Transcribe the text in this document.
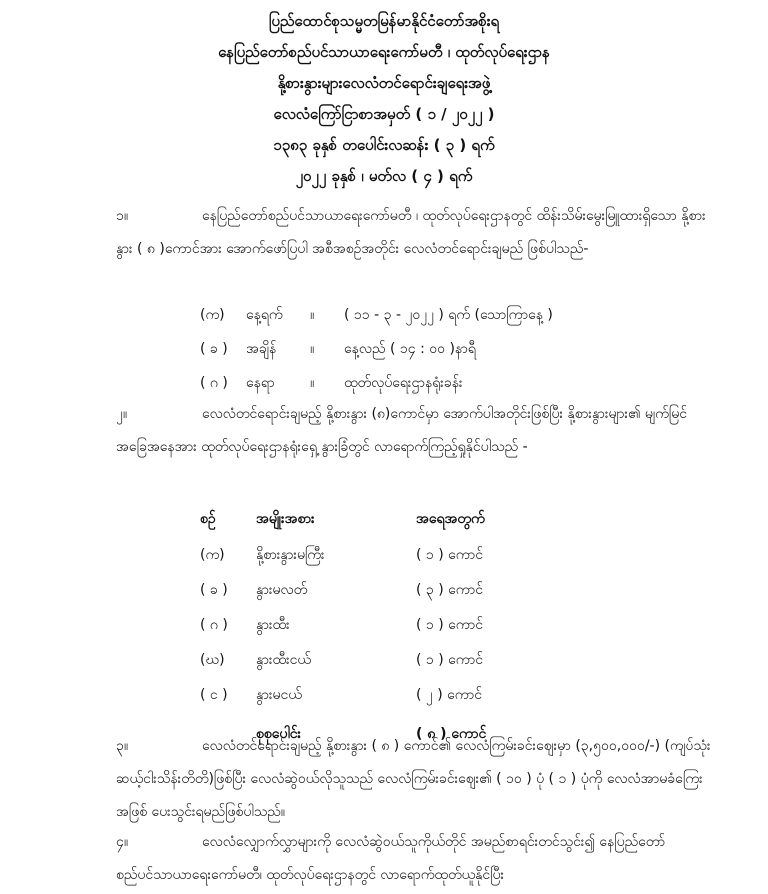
ပြည်ထောင်စုသမ္မတမြန်မာနိုင်ငံတော်အစိုးရ
နေပြည်တော်စည်ပင်သာယာရေးကော်မတီ ၊ ထုတ်လုပ်ရေးဌာန
နို့စားနွားများလေလံတင်ရောင်းချရေးအဖွဲ့
လေလံကြော်ငြာစာအမှတ် ( ၁ / ၂၀၂၂ )
၁၃၈၃ ခုနှစ် တပေါင်းလဆန်း ( ၃ ) ရက်
၂၀၂၂ ခုနှစ် ၊ မတ်လ ( ၄ ) ရက်
၁။	နေပြည်တော်စည်ပင်သာယာရေးကော်မတီ ၊ ထုတ်လုပ်ရေးဌာနတွင် ထိန်းသိမ်းမွေးမြူထားရှိသော နို့စားနွား ( ၈ )ကောင်အား အောက်ဖော်ပြပါ အစီအစဉ်အတိုင်း လေလံတင်ရောင်းချမည် ဖြစ်ပါသည်-
(က) နေ့ရက် ။ ( ၁၁ - ၃ - ၂၀၂၂ ) ရက် (သောကြာနေ့ )
( ခ ) အချိန် ။ နေ့လည် ( ၁၄ : ၀၀ )နာရီ
( ဂ ) နေရာ	။ ထုတ်လုပ်ရေးဌာနရုံးခန်း
၂။	လေလံတင်ရောင်းချမည့် နို့စားနွား (၈)ကောင်မှာ အောက်ပါအတိုင်းဖြစ်ပြီး နို့စားနွားများ၏ မျက်မြင်အခြေအနေအား ထုတ်လုပ်ရေးဌာနရုံးရှေ့ နွားခြံတွင် လာရောက်ကြည့်ရှုနိုင်ပါသည် -
စဉ်	အမျိုးအစား	အရေအတွက်
(က)	နို့စားနွားမကြီး	( ၁ ) ကောင်
( ခ )	နွားမလတ်	( ၃ ) ကောင်
( ဂ )	နွားထီး	( ၁ ) ကောင်
(ဃ)	နွားထီးငယ်	( ၁ ) ကောင်
( င )	နွားမငယ်	( ၂ ) ကောင်
	စုစုပေါင်း	( ၈ ) ကောင်
၃။	လေလံတင်ရောင်းချမည့် နို့စားနွား ( ၈ ) ကောင်၏ လေလံကြမ်းခင်းဈေးမှာ (၃,၅၀၀,၀၀၀/-) (ကျပ်သုံးဆယ့်ငါးသိန်းတိတိ)ဖြစ်ပြီး လေလံဆွဲဝယ်လိုသူသည် လေလံကြမ်းခင်းဈေး၏ ( ၁၀ ) ပုံ ( ၁ ) ပုံကို လေလံအာမခံကြေးအဖြစ် ပေးသွင်းရမည်ဖြစ်ပါသည်။
၄။	လေလံလျှောက်လွှာများကို လေလံဆွဲဝယ်သူကိုယ်တိုင် အမည်စာရင်းတင်သွင်း၍ နေပြည်တော်စည်ပင်သာယာရေးကော်မတီ၊ ထုတ်လုပ်ရေးဌာနတွင် လာရောက်ထုတ်ယူနိုင်ပြီး
